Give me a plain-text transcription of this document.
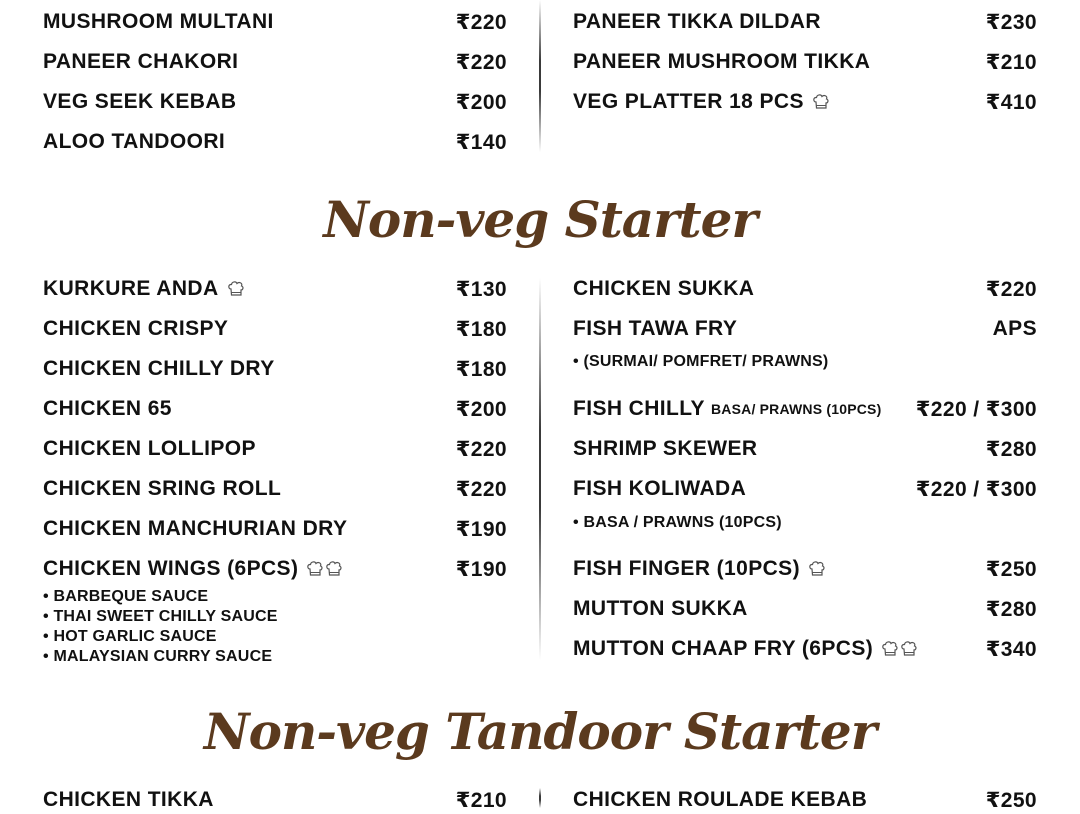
MUSHROOM MULTANI	₹220
PANEER CHAKORI	₹220
VEG SEEK KEBAB	₹200
ALOO TANDOORI	₹140
PANEER TIKKA DILDAR	₹230
PANEER MUSHROOM TIKKA	₹210
VEG PLATTER 18 PCS	₹410
Non-veg Starter
KURKURE ANDA	₹130
CHICKEN CRISPY	₹180
CHICKEN CHILLY DRY	₹180
CHICKEN 65	₹200
CHICKEN LOLLIPOP	₹220
CHICKEN SRING ROLL	₹220
CHICKEN MANCHURIAN DRY	₹190
CHICKEN WINGS (6PCS)	₹190
• BARBEQUE SAUCE
• THAI SWEET CHILLY SAUCE
• HOT GARLIC SAUCE
• MALAYSIAN CURRY SAUCE
CHICKEN SUKKA	₹220
FISH TAWA FRY	APS
• (SURMAI/ POMFRET/ PRAWNS)
FISH CHILLY BASA/ PRAWNS (10PCS) ₹220 / ₹300
SHRIMP SKEWER	₹280
FISH KOLIWADA	₹220 / ₹300
• BASA / PRAWNS (10PCS)
FISH FINGER (10PCS)	₹250
MUTTON SUKKA	₹280
MUTTON CHAAP FRY (6PCS)	₹340
Non-veg Tandoor Starter
CHICKEN TIKKA	₹210	CHICKEN ROULADE KEBAB	₹250
